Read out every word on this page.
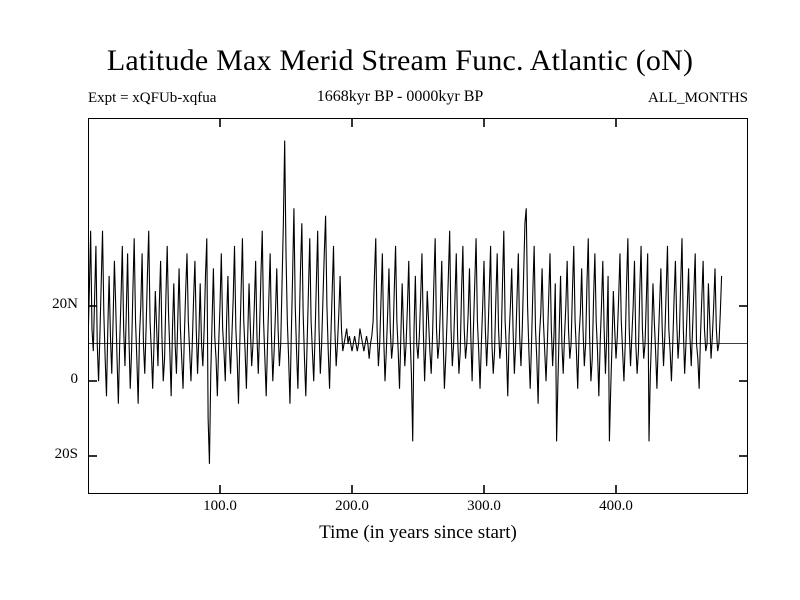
Latitude Max Merid Stream Func. Atlantic (oN)
Expt = xQFUb-xqfua	1668kyr BP - 0000kyr BP	ALL_MONTHS
20N
0
20S
100.0	200.0	300.0	400.0
Time (in years since start)
